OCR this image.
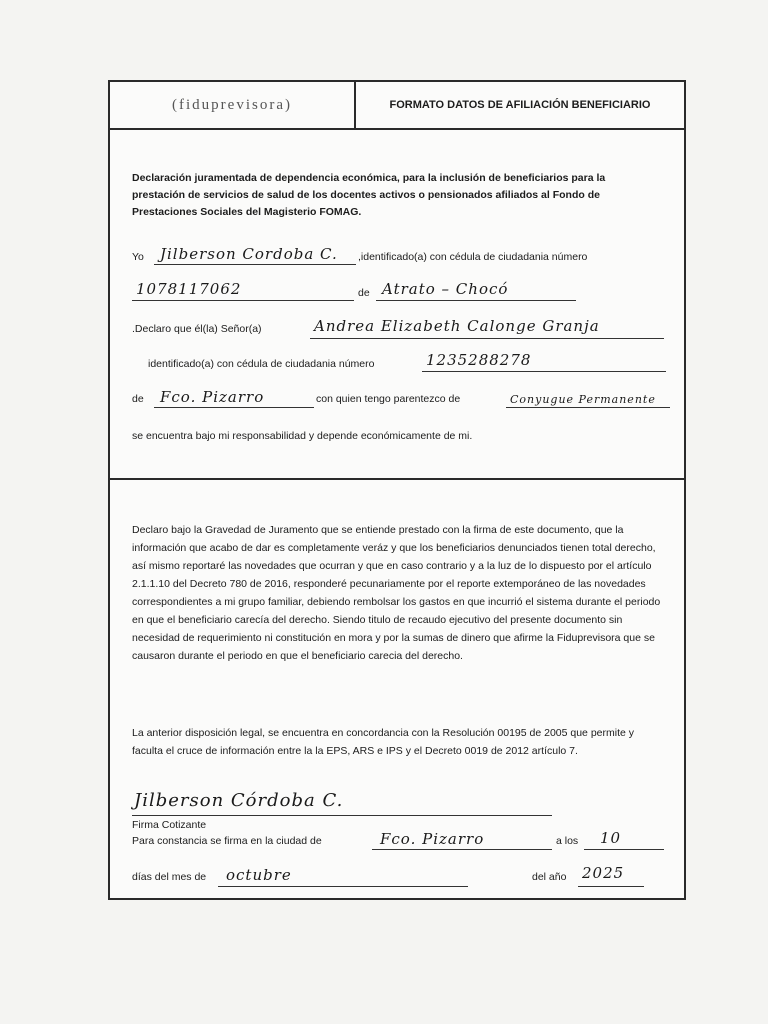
(fiduprevisora)	FORMATO DATOS DE AFILIACIÓN BENEFICIARIO
Declaración juramentada de dependencia económica, para la inclusión de beneficiarios para la prestación de servicios de salud de los docentes activos o pensionados afiliados al Fondo de Prestaciones Sociales del Magisterio FOMAG.
Yo Jilberson Cordoba C. ,identificado(a) con cédula de ciudadania número
1078117062	de Atrato – Chocó
.Declaro que él(la) Señor(a)	Andrea Elizabeth Calonge Granja
identificado(a) con cédula de ciudadania número	1235288278
de Fco. Pizarro	con quien tengo parentezco de	Conyugue Permanente
se encuentra bajo mi responsabilidad y depende económicamente de mi.
Declaro bajo la Gravedad de Juramento que se entiende prestado con la firma de este documento, que la información que acabo de dar es completamente veráz y que los beneficiarios denunciados tienen total derecho, así mismo reportaré las novedades que ocurran y que en caso contrario y a la luz de lo dispuesto por el artículo 2.1.1.10 del Decreto 780 de 2016, responderé pecunariamente por el reporte extemporáneo de las novedades correspondientes a mi grupo familiar, debiendo rembolsar los gastos en que incurrió el sistema durante el periodo en que el beneficiario carecía del derecho. Siendo titulo de recaudo ejecutivo del presente documento sin necesidad de requerimiento ni constitución en mora y por la sumas de dinero que afirme la Fiduprevisora que se causaron durante el periodo en que el beneficiario carecia del derecho.
La anterior disposición legal, se encuentra en concordancia con la Resolución 00195 de 2005 que permite y faculta el cruce de información entre la la EPS, ARS e IPS y el Decreto 0019 de 2012 artículo 7.
Jilberson Córdoba C.
Firma Cotizante
Para constancia se firma en la ciudad de	Fco. Pizarro	a los 10
días del mes de octubre	del año 2025
